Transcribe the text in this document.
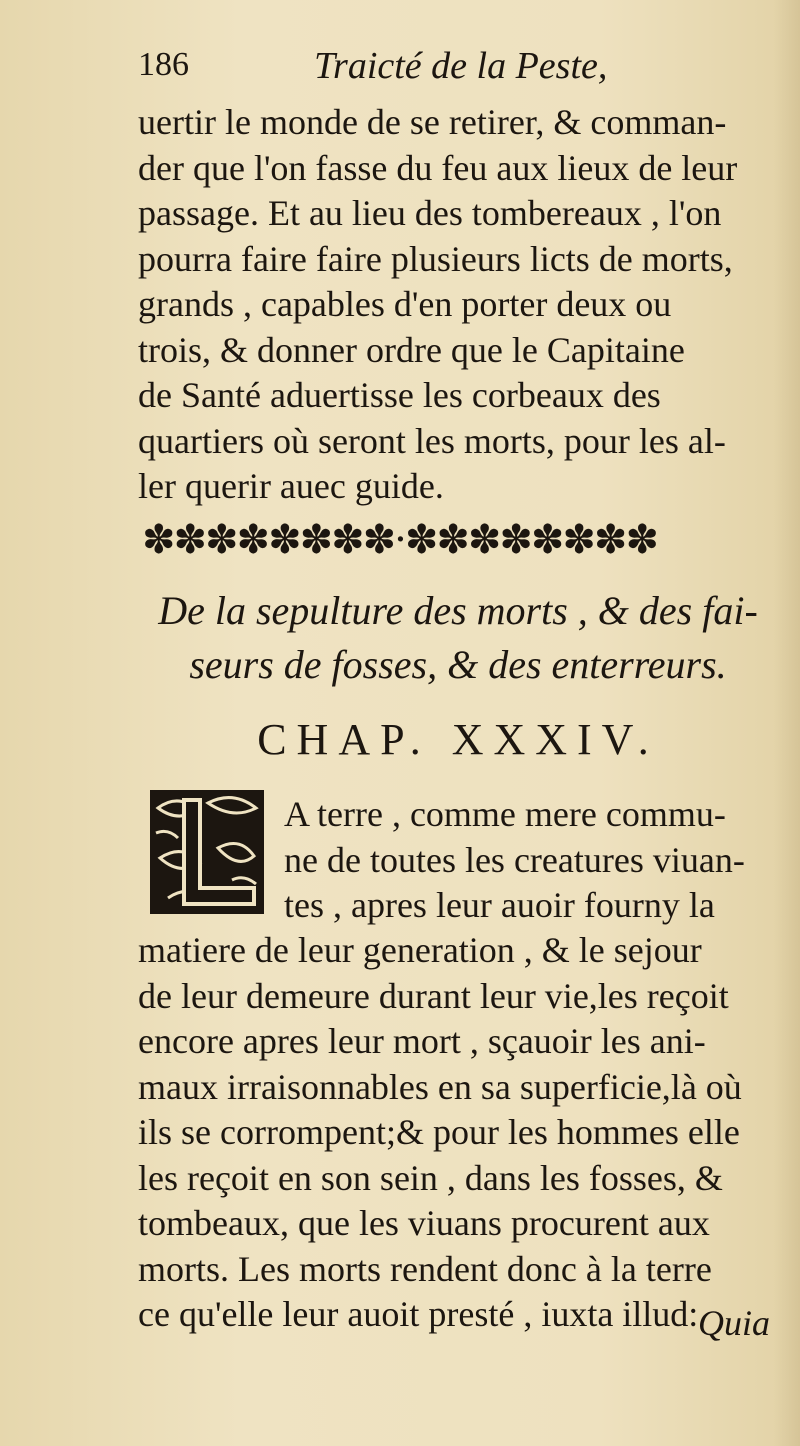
186	Traicté de la Peste,
uertir le monde de se retirer, & comman-
der que l'on fasse du feu aux lieux de leur
passage. Et au lieu des tombereaux , l'on
pourra faire faire plusieurs licts de morts,
grands , capables d'en porter deux ou
trois, & donner ordre que le Capitaine
de Santé aduertisse les corbeaux des
quartiers où seront les morts, pour les al-
ler querir auec guide.
✽✽✽✽✽✽✽✽·✽✽✽✽✽✽✽✽
De la sepulture des morts , & des fai-
seurs de fosses, & des enterreurs.
CHAP. XXXIV.
A terre , comme mere commu-
ne de toutes les creatures viuan-
tes , apres leur auoir fourny la
matiere de leur generation , & le sejour
de leur demeure durant leur vie,les reçoit
encore apres leur mort , sçauoir les ani-
maux irraisonnables en sa superficie,là où
ils se corrompent;& pour les hommes elle
les reçoit en son sein , dans les fosses, &
tombeaux, que les viuans procurent aux
morts. Les morts rendent donc à la terre
ce qu'elle leur auoit presté , iuxta illud: Quia
